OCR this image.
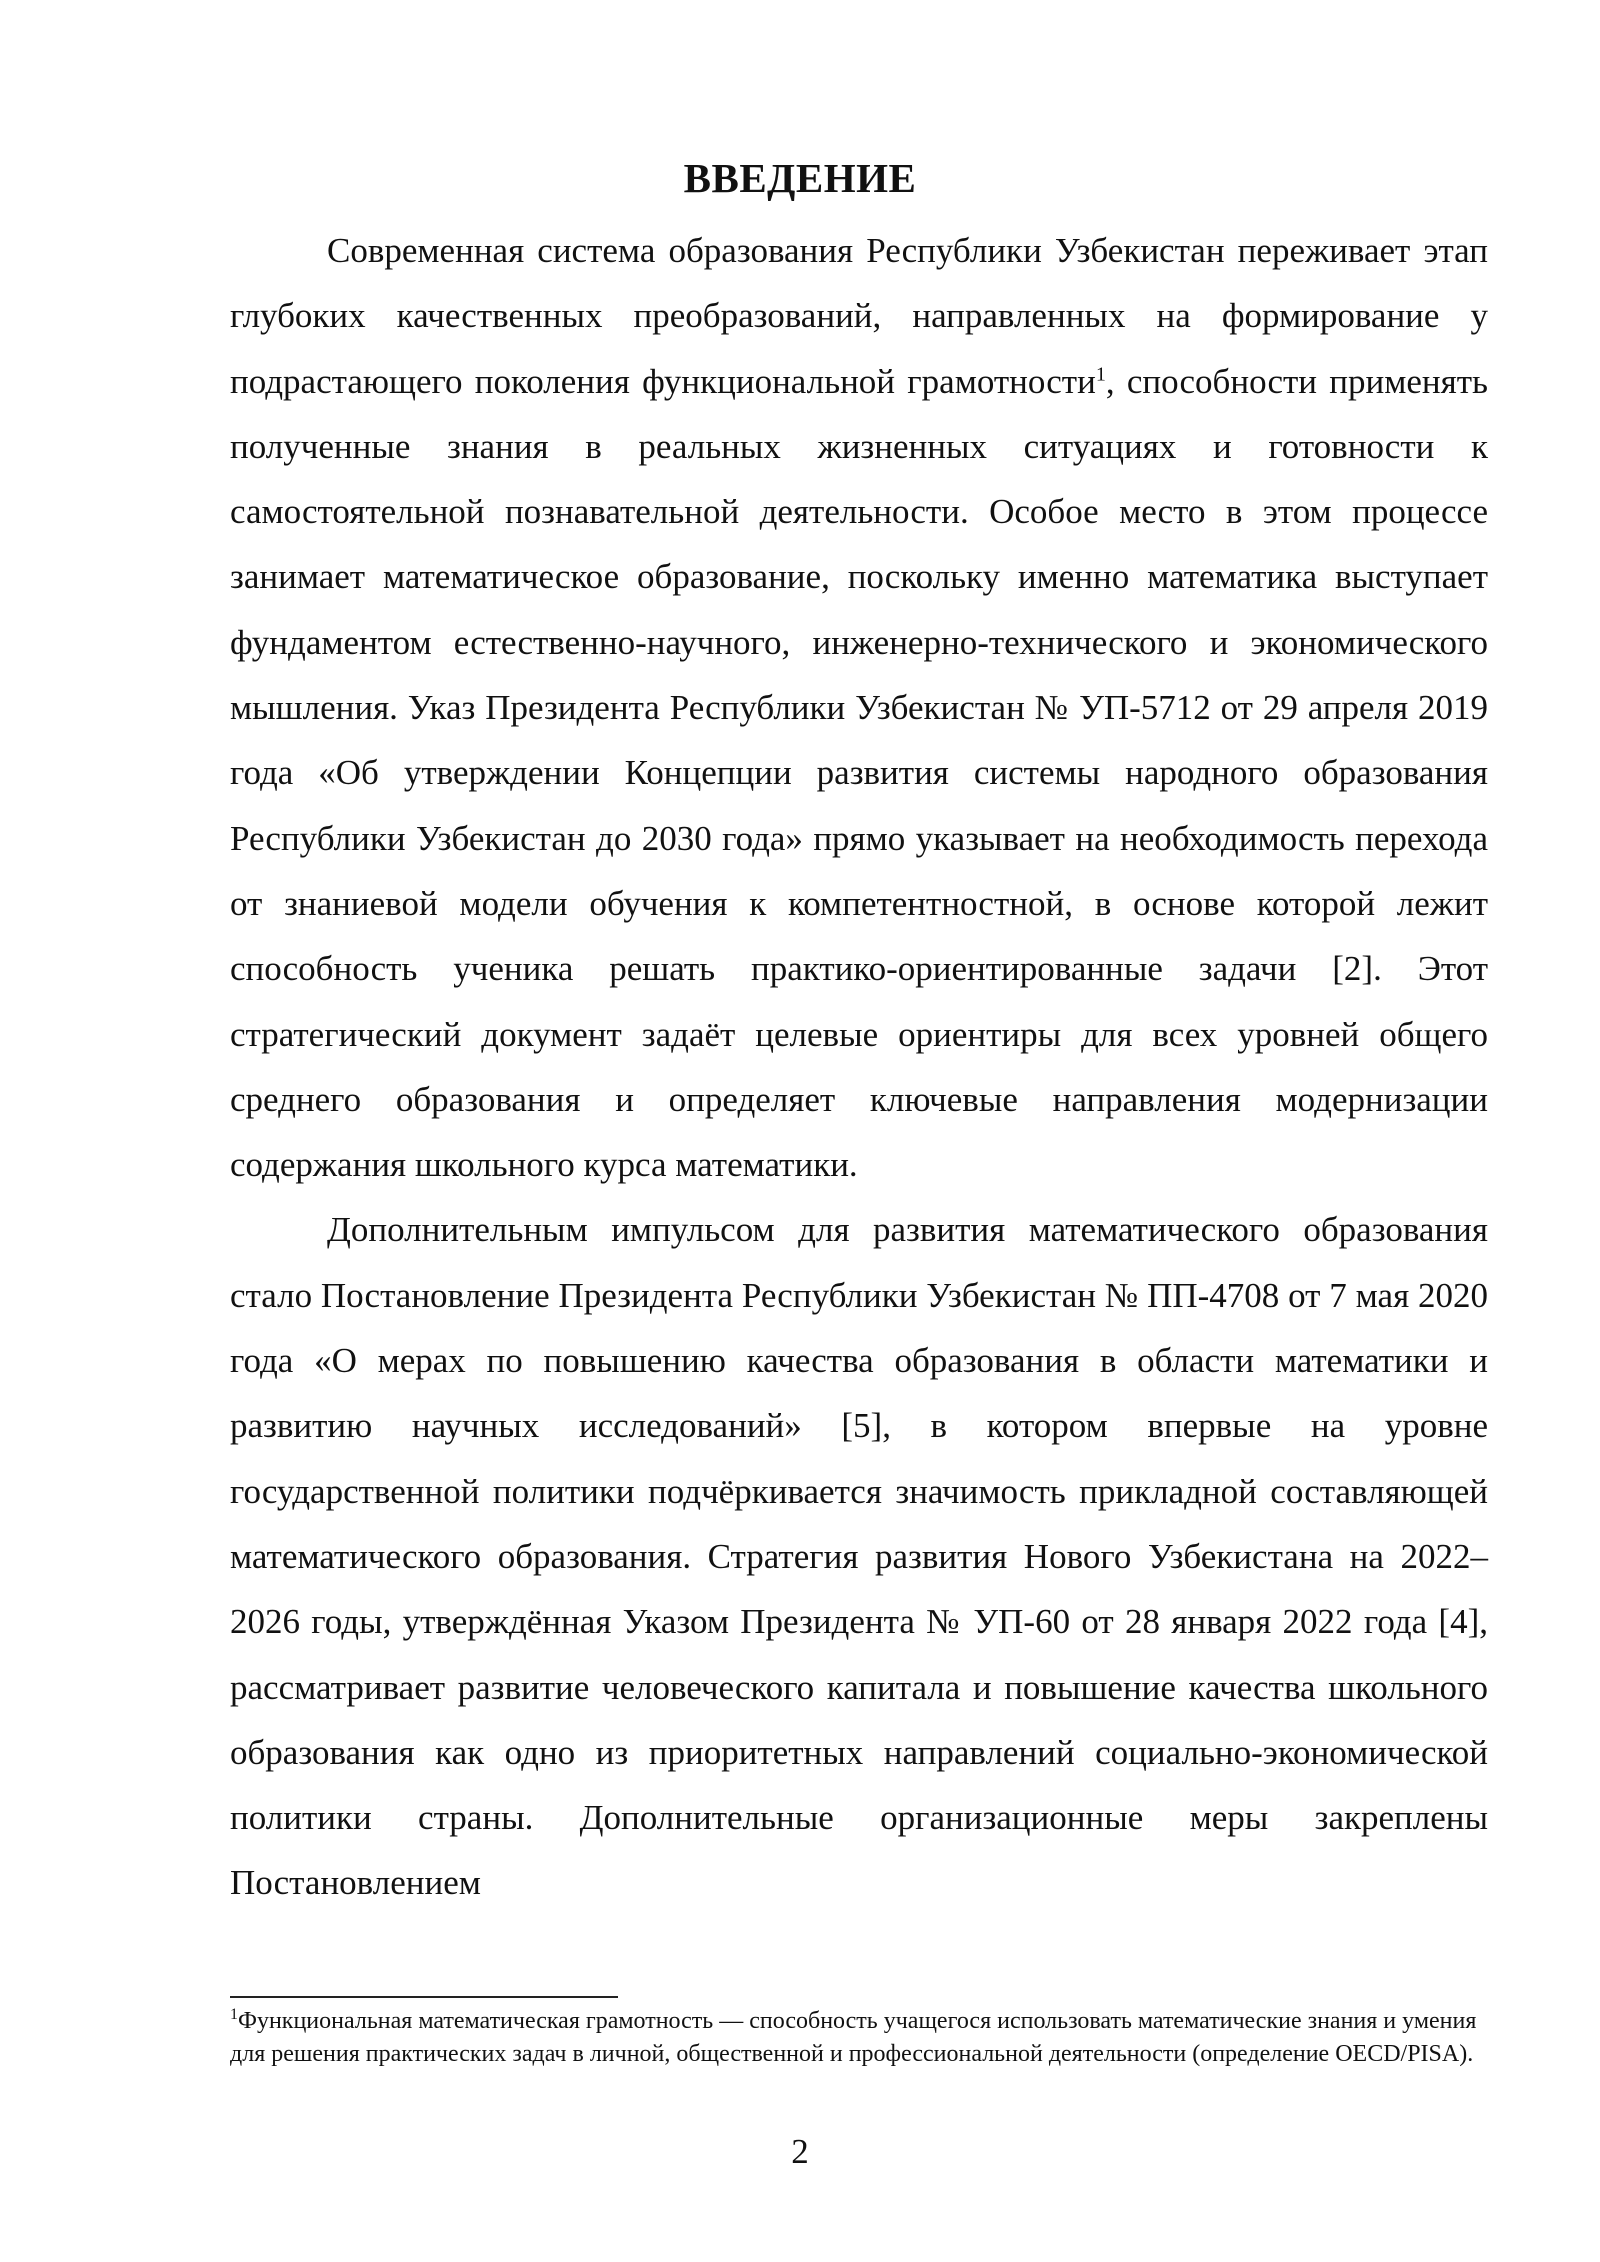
ВВЕДЕНИЕ

Современная система образования Республики Узбекистан переживает этап глубоких качественных преобразований, направленных на формирование у подрастающего поколения функциональной грамотности$^1$, способности применять полученные знания в реальных жизненных ситуациях и готовности к самостоятельной познавательной деятельности. Особое место в этом процессе занимает математическое образование, поскольку именно математика выступает фундаментом естественно-научного, инженерно-технического и экономического мышления. Указ Президента Республики Узбекистан № УП-5712 от 29 апреля 2019 года «Об утверждении Концепции развития системы народного образования Республики Узбекистан до 2030 года» прямо указывает на необходимость перехода от знаниевой модели обучения к компетентностной, в основе которой лежит способность ученика решать практико-ориентированные задачи [2]. Этот стратегический документ задаёт целевые ориентиры для всех уровней общего среднего образования и определяет ключевые направления модернизации содержания школьного курса математики.

Дополнительным импульсом для развития математического образования стало Постановление Президента Республики Узбекистан № ПП-4708 от 7 мая 2020 года «О мерах по повышению качества образования в области математики и развитию научных исследований» [5], в котором впервые на уровне государственной политики подчёркивается значимость прикладной составляющей математического образования. Стратегия развития Нового Узбекистана на 2022–2026 годы, утверждённая Указом Президента № УП-60 от 28 января 2022 года [4], рассматривает развитие человеческого капитала и повышение качества школьного образования как одно из приоритетных направлений социально-экономической политики страны. Дополнительные организационные меры закреплены Постановлением

$^1$Функциональная математическая грамотность — способность учащегося использовать математические знания и умения для решения практических задач в личной, общественной и профессиональной деятельности (определение OECD/PISA).

2
